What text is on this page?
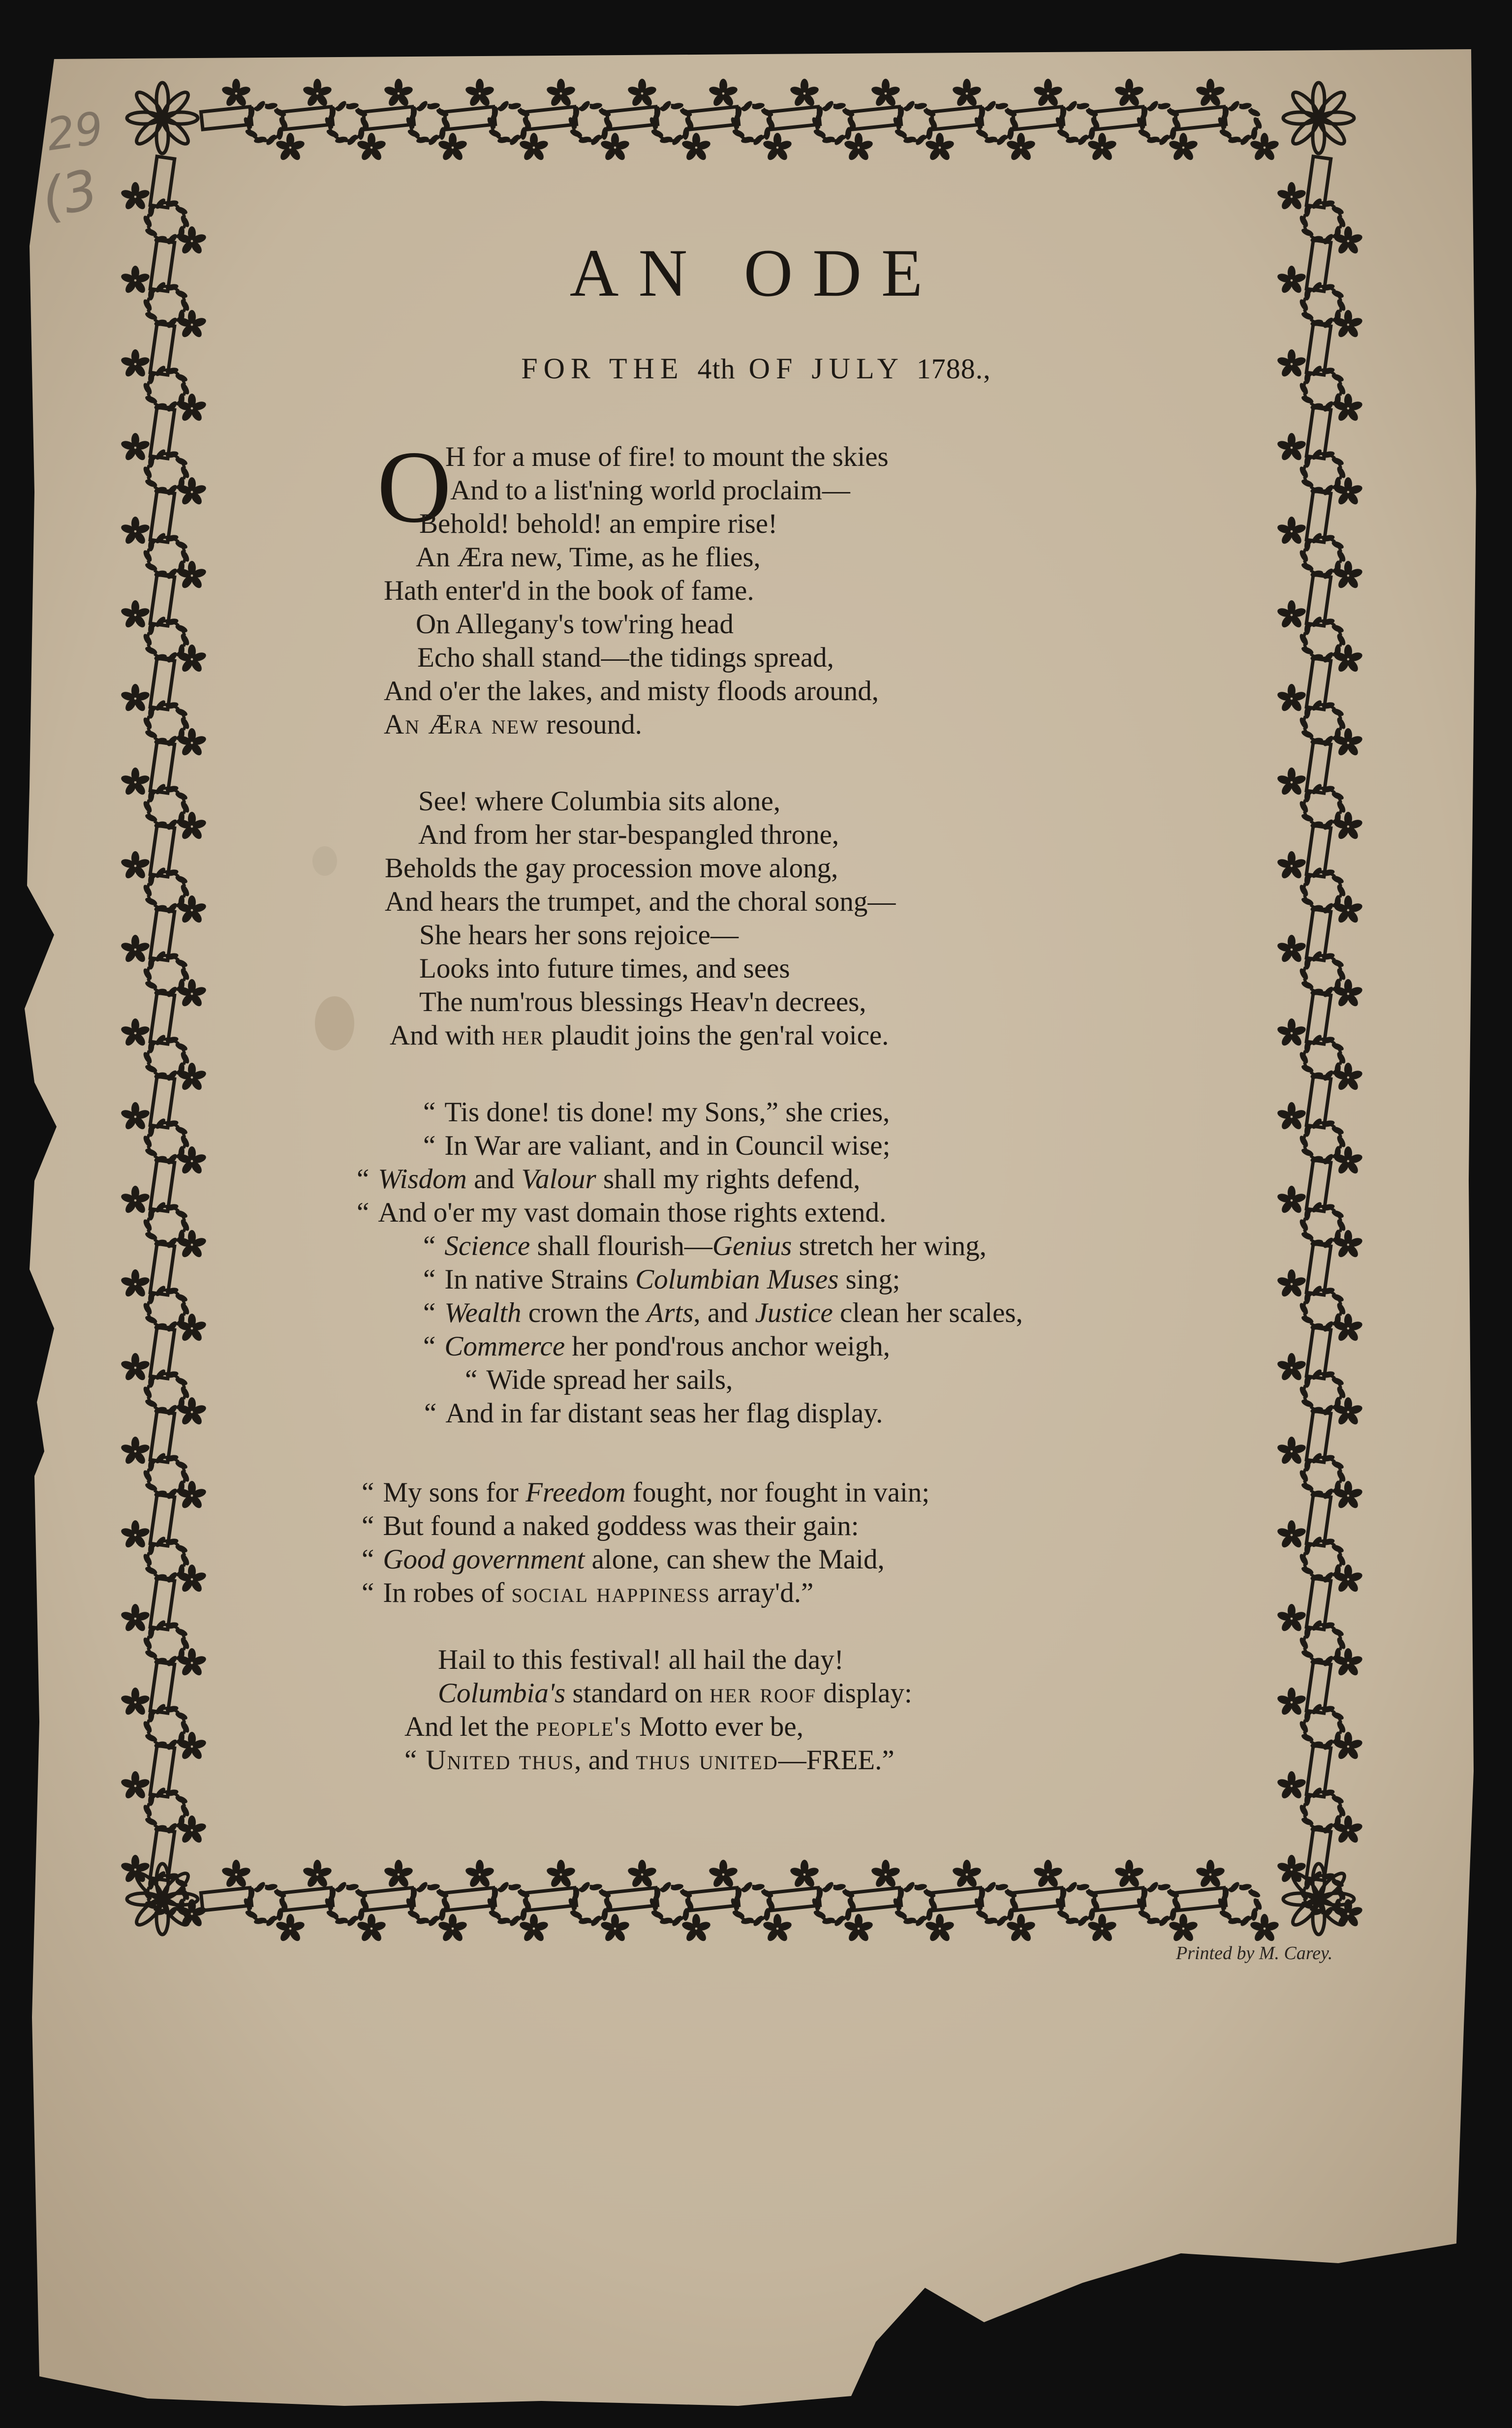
29
(3
AN ODE
FOR THE 4th OF JULY 1788.,
O
H for a muse of fire! to mount the skies
And to a list'ning world proclaim—
Behold! behold! an empire rise!
An Æra new, Time, as he flies,
Hath enter'd in the book of fame.
On Allegany's tow'ring head
Echo shall stand—the tidings spread,
And o'er the lakes, and misty floods around,
An Æra new resound.
See! where Columbia sits alone,
And from her star-bespangled throne,
Beholds the gay procession move along,
And hears the trumpet, and the choral song—
She hears her sons rejoice—
Looks into future times, and sees
The num'rous blessings Heav'n decrees,
And with her plaudit joins the gen'ral voice.
“ Tis done! tis done! my Sons,” she cries,
“ In War are valiant, and in Council wise;
“ Wisdom and Valour shall my rights defend,
“ And o'er my vast domain those rights extend.
“ Science shall flourish—Genius stretch her wing,
“ In native Strains Columbian Muses sing;
“ Wealth crown the Arts, and Justice clean her scales,
“ Commerce her pond'rous anchor weigh,
“ Wide spread her sails,
“ And in far distant seas her flag display.
“ My sons for Freedom fought, nor fought in vain;
“ But found a naked goddess was their gain:
“ Good government alone, can shew the Maid,
“ In robes of social happiness array'd.”
Hail to this festival! all hail the day!
Columbia's standard on her roof display:
And let the people's Motto ever be,
“ United thus, and thus united—FREE.”
Printed by M. Carey.
